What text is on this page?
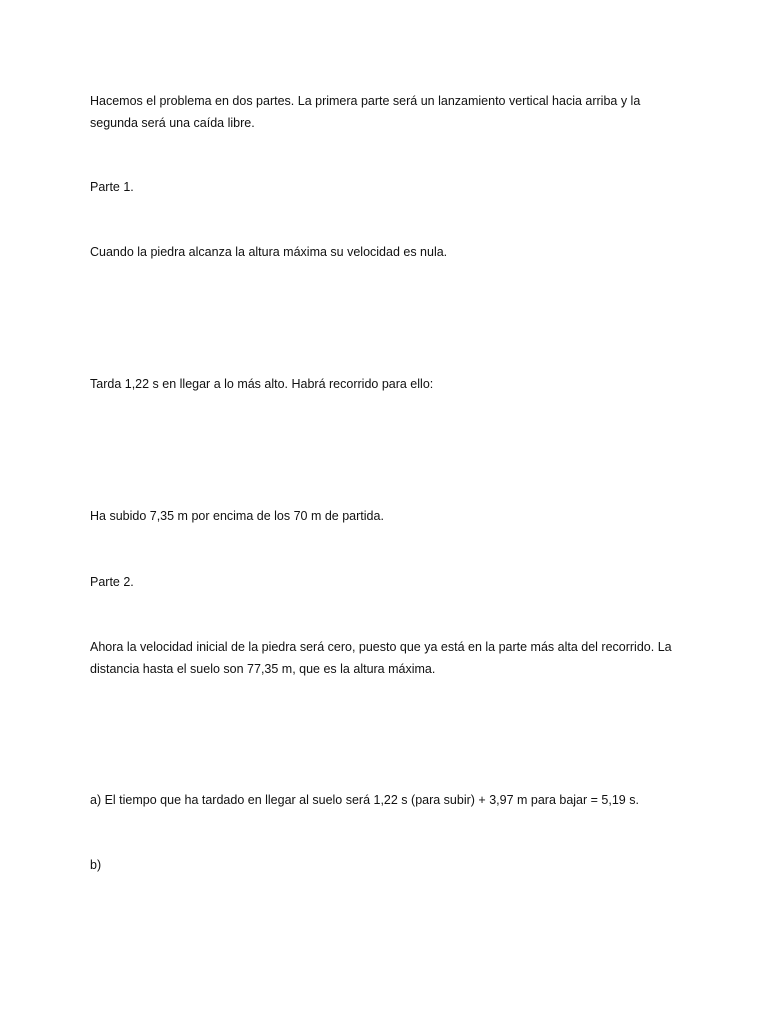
Hacemos el problema en dos partes. La primera parte será un lanzamiento vertical hacia arriba y la
segunda será una caída libre.

Parte 1.

Cuando la piedra alcanza la altura máxima su velocidad es nula.

Tarda 1,22 s en llegar a lo más alto. Habrá recorrido para ello:

Ha subido 7,35 m por encima de los 70 m de partida.

Parte 2.

Ahora la velocidad inicial de la piedra será cero, puesto que ya está en la parte más alta del recorrido. La
distancia hasta el suelo son 77,35 m, que es la altura máxima.

a) El tiempo que ha tardado en llegar al suelo será 1,22 s (para subir) + 3,97 m para bajar = 5,19 s.

b)
